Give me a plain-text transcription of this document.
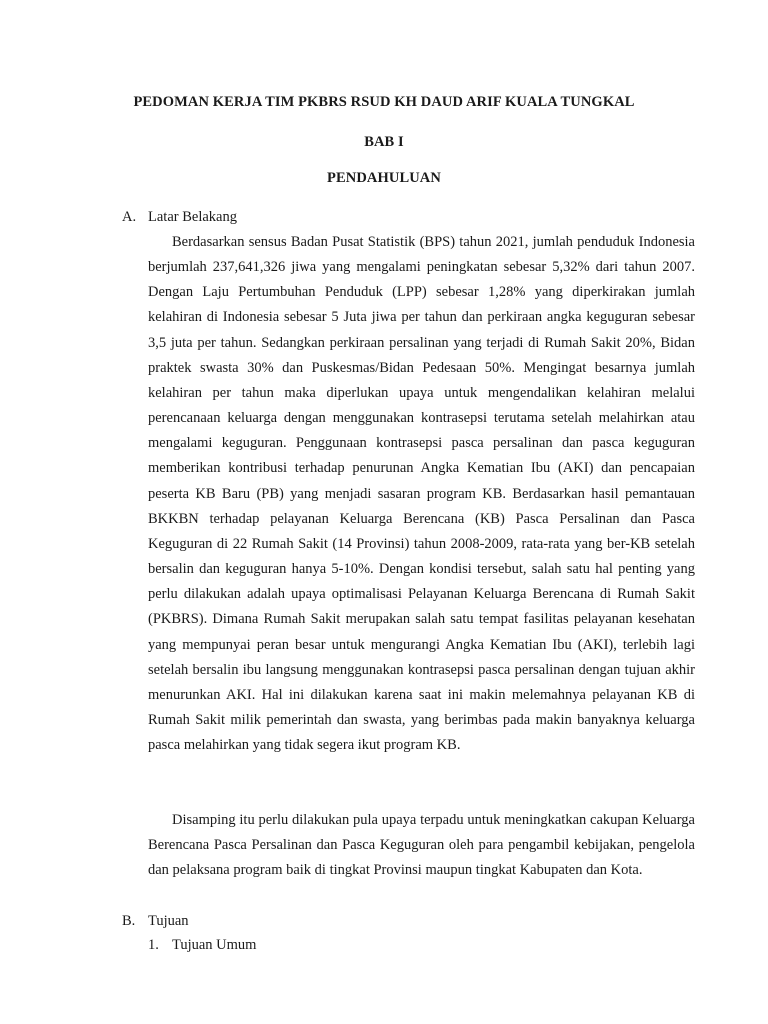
PEDOMAN KERJA TIM PKBRS RSUD KH DAUD ARIF KUALA TUNGKAL
BAB I
PENDAHULUAN
A. Latar Belakang

Berdasarkan sensus Badan Pusat Statistik (BPS) tahun 2021, jumlah penduduk Indonesia berjumlah 237,641,326 jiwa yang mengalami peningkatan sebesar 5,32% dari tahun 2007. Dengan Laju Pertumbuhan Penduduk (LPP) sebesar 1,28% yang diperkirakan jumlah kelahiran di Indonesia sebesar 5 Juta jiwa per tahun dan perkiraan angka keguguran sebesar 3,5 juta per tahun. Sedangkan perkiraan persalinan yang terjadi di Rumah Sakit 20%, Bidan praktek swasta 30% dan Puskesmas/Bidan Pedesaan 50%. Mengingat besarnya jumlah kelahiran per tahun maka diperlukan upaya untuk mengendalikan kelahiran melalui perencanaan keluarga dengan menggunakan kontrasepsi terutama setelah melahirkan atau mengalami keguguran. Penggunaan kontrasepsi pasca persalinan dan pasca keguguran memberikan kontribusi terhadap penurunan Angka Kematian Ibu (AKI) dan pencapaian peserta KB Baru (PB) yang menjadi sasaran program KB. Berdasarkan hasil pemantauan BKKBN terhadap pelayanan Keluarga Berencana (KB) Pasca Persalinan dan Pasca Keguguran di 22 Rumah Sakit (14 Provinsi) tahun 2008-2009, rata-rata yang ber-KB setelah bersalin dan keguguran hanya 5-10%. Dengan kondisi tersebut, salah satu hal penting yang perlu dilakukan adalah upaya optimalisasi Pelayanan Keluarga Berencana di Rumah Sakit (PKBRS). Dimana Rumah Sakit merupakan salah satu tempat fasilitas pelayanan kesehatan yang mempunyai peran besar untuk mengurangi Angka Kematian Ibu (AKI), terlebih lagi setelah bersalin ibu langsung menggunakan kontrasepsi pasca persalinan dengan tujuan akhir menurunkan AKI. Hal ini dilakukan karena saat ini makin melemahnya pelayanan KB di Rumah Sakit milik pemerintah dan swasta, yang berimbas pada makin banyaknya keluarga pasca melahirkan yang tidak segera ikut program KB.

Disamping itu perlu dilakukan pula upaya terpadu untuk meningkatkan cakupan Keluarga Berencana Pasca Persalinan dan Pasca Keguguran oleh para pengambil kebijakan, pengelola dan pelaksana program baik di tingkat Provinsi maupun tingkat Kabupaten dan Kota.

B. Tujuan
1. Tujuan Umum
